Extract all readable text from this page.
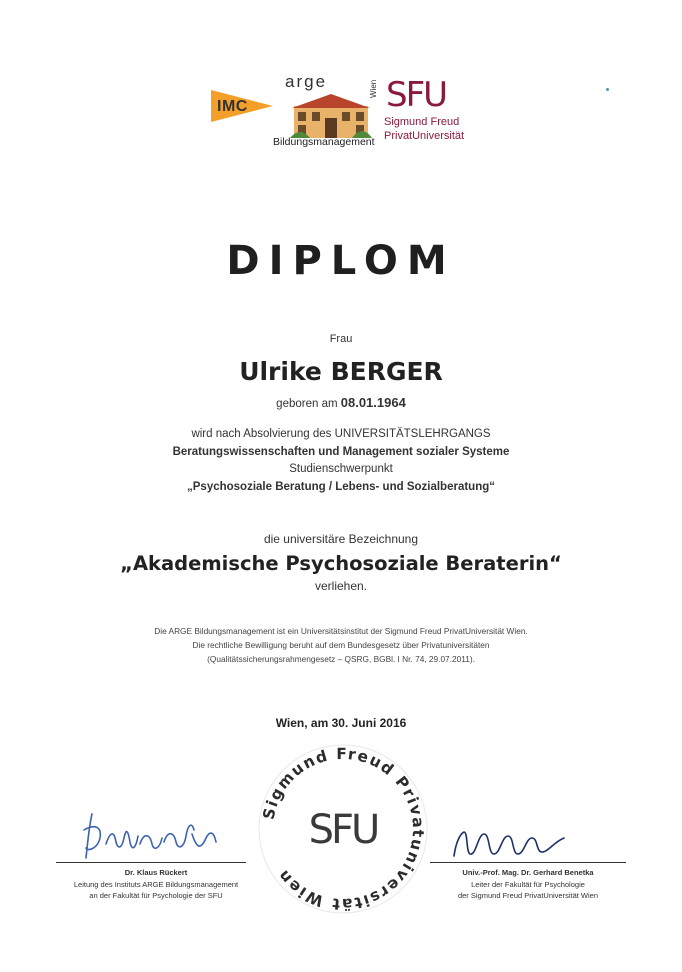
IMC
arge	Wien
Bildungsmanagement
SFU
Sigmund Freud
PrivatUniversität
DIPLOM
Frau
Ulrike BERGER
geboren am 08.01.1964
wird nach Absolvierung des UNIVERSITÄTSLEHRGANGS
Beratungswissenschaften und Management sozialer Systeme
Studienschwerpunkt
„Psychosoziale Beratung / Lebens- und Sozialberatung“
die universitäre Bezeichnung
„Akademische Psychosoziale Beraterin“
verliehen.
Die ARGE Bildungsmanagement ist ein Universitätsinstitut der Sigmund Freud PrivatUniversität Wien.
Die rechtliche Bewilligung beruht auf dem Bundesgesetz über Privatuniversitäten
(Qualitätssicherungsrahmengesetz – QSRG, BGBl. I Nr. 74, 29.07.2011).
Wien, am 30. Juni 2016
Sigmund Freud Privatuniversität Wien
SFU
Dr. Klaus Rückert
Leitung des Instituts ARGE Bildungsmanagement
an der Fakultät für Psychologie der SFU
Univ.-Prof. Mag. Dr. Gerhard Benetka
Leiter der Fakultät für Psychologie
der Sigmund Freud PrivatUniversität Wien
